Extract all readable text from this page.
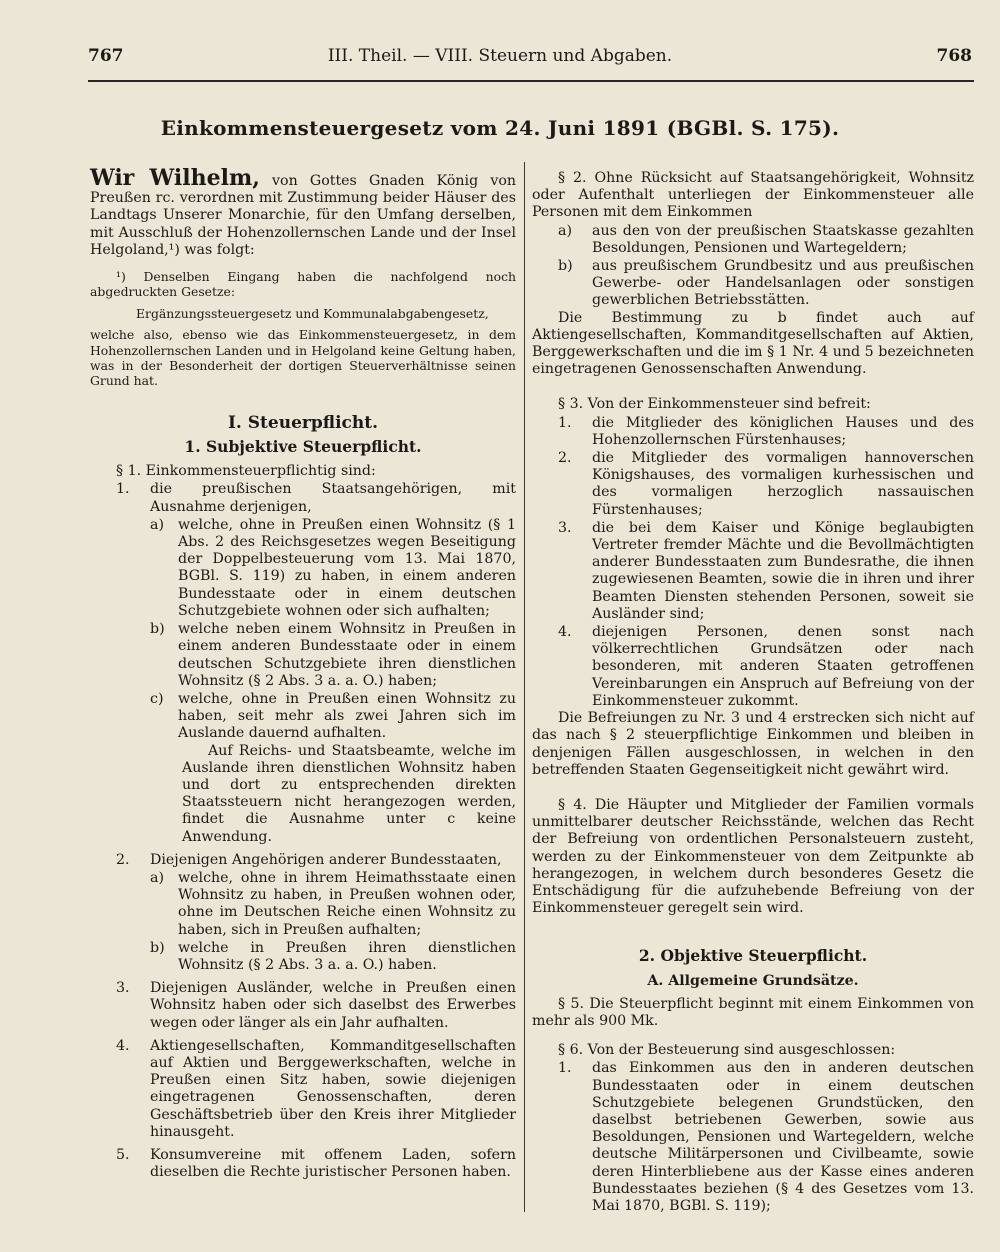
767	III. Theil. — VIII. Steuern und Abgaben.	768
Einkommensteuergesetz vom 24. Juni 1891 (BGBl. S. 175).

Wir Wilhelm, von Gottes Gnaden König von Preußen rc. verordnen mit Zustimmung beider Häuser des Landtags Unserer Monarchie, für den Umfang derselben, mit Ausschluß der Hohenzollernschen Lande und der Insel Helgoland,¹) was folgt:

¹) Denselben Eingang haben die nachfolgend noch abgedruckten Gesetze:

Ergänzungssteuergesetz und Kommunalabgabengesetz,

welche also, ebenso wie das Einkommensteuergesetz, in dem Hohenzollernschen Landen und in Helgoland keine Geltung haben, was in der Besonderheit der dortigen Steuerverhältnisse seinen Grund hat.

I. Steuerpflicht.
1. Subjektive Steuerpflicht.

§ 1. Einkommensteuerpflichtig sind:

1.	die preußischen Staatsangehörigen, mit Ausnahme derjenigen,
a) welche, ohne in Preußen einen Wohnsitz (§ 1 Abs. 2 des Reichsgesetzes wegen Beseitigung der Doppelbesteuerung vom 13. Mai 1870, BGBl. S. 119) zu haben, in einem anderen Bundesstaate oder in einem deutschen Schutzgebiete wohnen oder sich aufhalten;
b) welche neben einem Wohnsitz in Preußen in einem anderen Bundesstaate oder in einem deutschen Schutzgebiete ihren dienstlichen Wohnsitz (§ 2 Abs. 3 a. a. O.) haben;
c)	welche, ohne in Preußen einen Wohnsitz zu haben, seit mehr als zwei Jahren sich im Auslande dauernd aufhalten.

Auf Reichs- und Staatsbeamte, welche im Auslande ihren dienstlichen Wohnsitz haben und dort zu entsprechenden direkten Staatssteuern nicht herangezogen werden, findet die Ausnahme unter c keine Anwendung.

2.	Diejenigen Angehörigen anderer Bundesstaaten,
a) welche, ohne in ihrem Heimathsstaate einen Wohnsitz zu haben, in Preußen wohnen oder, ohne im Deutschen Reiche einen Wohnsitz zu haben, sich in Preußen aufhalten;
b) welche in Preußen ihren dienstlichen Wohnsitz (§ 2 Abs. 3 a. a. O.) haben.
3.	Diejenigen Ausländer, welche in Preußen einen Wohnsitz haben oder sich daselbst des Erwerbes wegen oder länger als ein Jahr aufhalten.
4.	Aktiengesellschaften, Kommanditgesellschaften auf Aktien und Berggewerkschaften, welche in Preußen einen Sitz haben, sowie diejenigen eingetragenen Genossenschaften, deren Geschäftsbetrieb über den Kreis ihrer Mitglieder hinausgeht.
5.	Konsumvereine mit offenem Laden, sofern dieselben die Rechte juristischer Personen haben.

§ 2. Ohne Rücksicht auf Staatsangehörigkeit, Wohnsitz oder Aufenthalt unterliegen der Einkommensteuer alle Personen mit dem Einkommen

a)	aus den von der preußischen Staatskasse gezahlten Besoldungen, Pensionen und Wartegeldern;
b)	aus preußischem Grundbesitz und aus preußischen Gewerbe- oder Handelsanlagen oder sonstigen gewerblichen Betriebsstätten.

Die Bestimmung zu b findet auch auf Aktiengesellschaften, Kommanditgesellschaften auf Aktien, Berggewerkschaften und die im § 1 Nr. 4 und 5 bezeichneten eingetragenen Genossenschaften Anwendung.

§ 3. Von der Einkommensteuer sind befreit:

1.	die Mitglieder des königlichen Hauses und des Hohenzollernschen Fürstenhauses;
2.	die Mitglieder des vormaligen hannoverschen Königshauses, des vormaligen kurhessischen und des vormaligen herzoglich nassauischen Fürstenhauses;
3.	die bei dem Kaiser und Könige beglaubigten Vertreter fremder Mächte und die Bevollmächtigten anderer Bundesstaaten zum Bundesrathe, die ihnen zugewiesenen Beamten, sowie die in ihren und ihrer Beamten Diensten stehenden Personen, soweit sie Ausländer sind;
4.	diejenigen Personen, denen sonst nach völkerrechtlichen Grundsätzen oder nach besonderen, mit anderen Staaten getroffenen Vereinbarungen ein Anspruch auf Befreiung von der Einkommensteuer zukommt.

Die Befreiungen zu Nr. 3 und 4 erstrecken sich nicht auf das nach § 2 steuerpflichtige Einkommen und bleiben in denjenigen Fällen ausgeschlossen, in welchen in den betreffenden Staaten Gegenseitigkeit nicht gewährt wird.

§ 4. Die Häupter und Mitglieder der Familien vormals unmittelbarer deutscher Reichsstände, welchen das Recht der Befreiung von ordentlichen Personalsteuern zusteht, werden zu der Einkommensteuer von dem Zeitpunkte ab herangezogen, in welchem durch besonderes Gesetz die Entschädigung für die aufzuhebende Befreiung von der Einkommensteuer geregelt sein wird.

2. Objektive Steuerpflicht.
A. Allgemeine Grundsätze.

§ 5. Die Steuerpflicht beginnt mit einem Einkommen von mehr als 900 Mk.

§ 6. Von der Besteuerung sind ausgeschlossen:

1.	das Einkommen aus den in anderen deutschen Bundesstaaten oder in einem deutschen Schutzgebiete belegenen Grundstücken, den daselbst betriebenen Gewerben, sowie aus Besoldungen, Pensionen und Wartegeldern, welche deutsche Militärpersonen und Civilbeamte, sowie deren Hinterbliebene aus der Kasse eines anderen Bundesstaates beziehen (§ 4 des Gesetzes vom 13. Mai 1870, BGBl. S. 119);
